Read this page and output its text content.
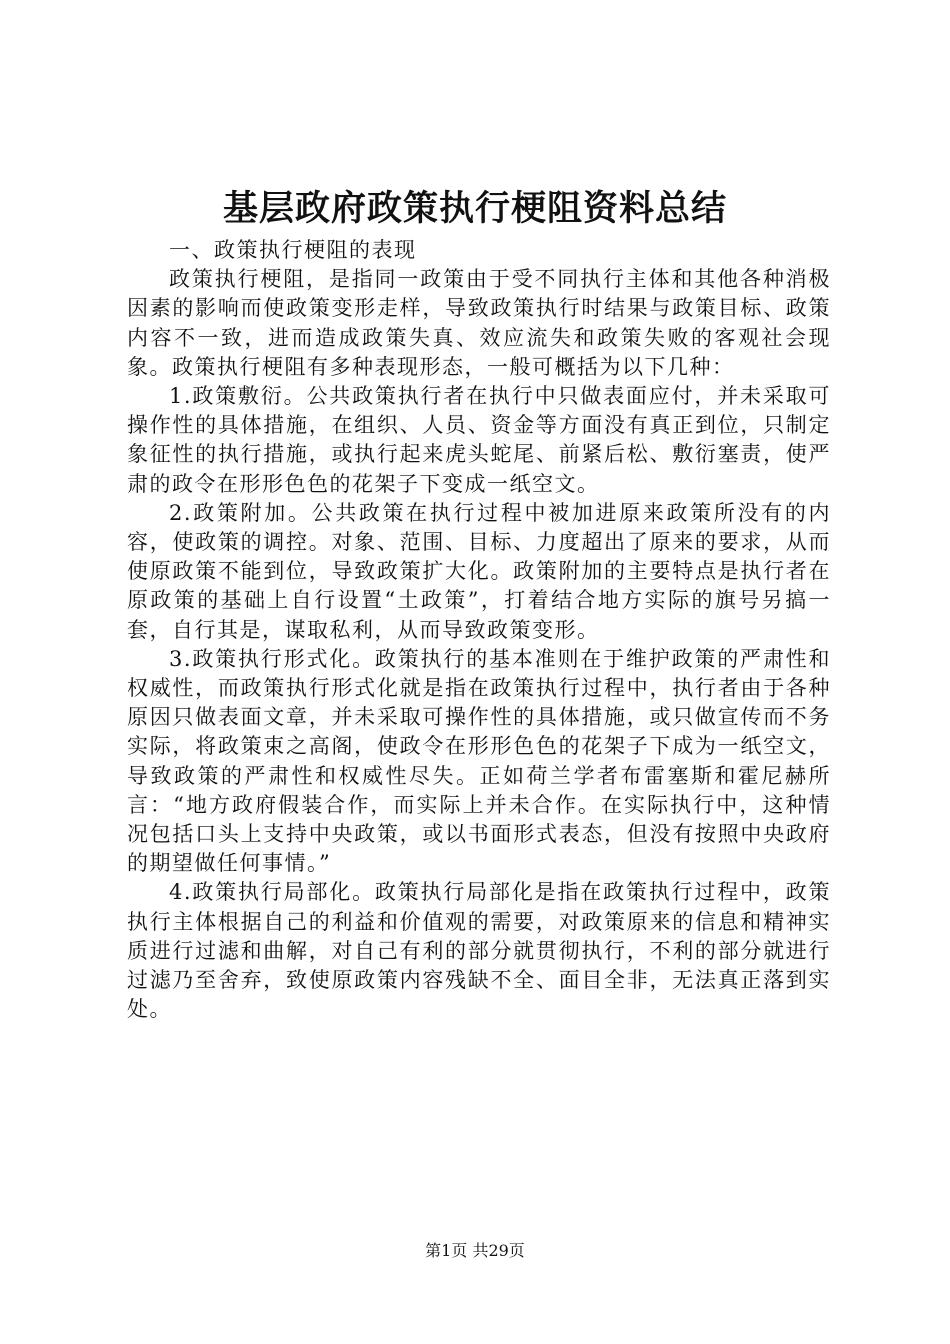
基层政府政策执行梗阻资料总结

一、政策执行梗阻的表现

政策执行梗阻，是指同一政策由于受不同执行主体和其他各种消极因素的影响而使政策变形走样，导致政策执行时结果与政策目标、政策内容不一致，进而造成政策失真、效应流失和政策失败的客观社会现象。政策执行梗阻有多种表现形态，一般可概括为以下几种：

1.政策敷衍。公共政策执行者在执行中只做表面应付，并未采取可操作性的具体措施，在组织、人员、资金等方面没有真正到位，只制定象征性的执行措施，或执行起来虎头蛇尾、前紧后松、敷衍塞责，使严肃的政令在形形色色的花架子下变成一纸空文。

2.政策附加。公共政策在执行过程中被加进原来政策所没有的内容，使政策的调控。对象、范围、目标、力度超出了原来的要求，从而使原政策不能到位，导致政策扩大化。政策附加的主要特点是执行者在原政策的基础上自行设置“土政策”，打着结合地方实际的旗号另搞一套，自行其是，谋取私利，从而导致政策变形。

3.政策执行形式化。政策执行的基本准则在于维护政策的严肃性和权威性，而政策执行形式化就是指在政策执行过程中，执行者由于各种原因只做表面文章，并未采取可操作性的具体措施，或只做宣传而不务实际，将政策束之高阁，使政令在形形色色的花架子下成为一纸空文，导致政策的严肃性和权威性尽失。正如荷兰学者布雷塞斯和霍尼赫所言：“地方政府假装合作，而实际上并未合作。在实际执行中，这种情况包括口头上支持中央政策，或以书面形式表态，但没有按照中央政府的期望做任何事情。”

4.政策执行局部化。政策执行局部化是指在政策执行过程中，政策执行主体根据自己的利益和价值观的需要，对政策原来的信息和精神实质进行过滤和曲解，对自己有利的部分就贯彻执行，不利的部分就进行过滤乃至舍弃，致使原政策内容残缺不全、面目全非，无法真正落到实处。

第1页 共29页
